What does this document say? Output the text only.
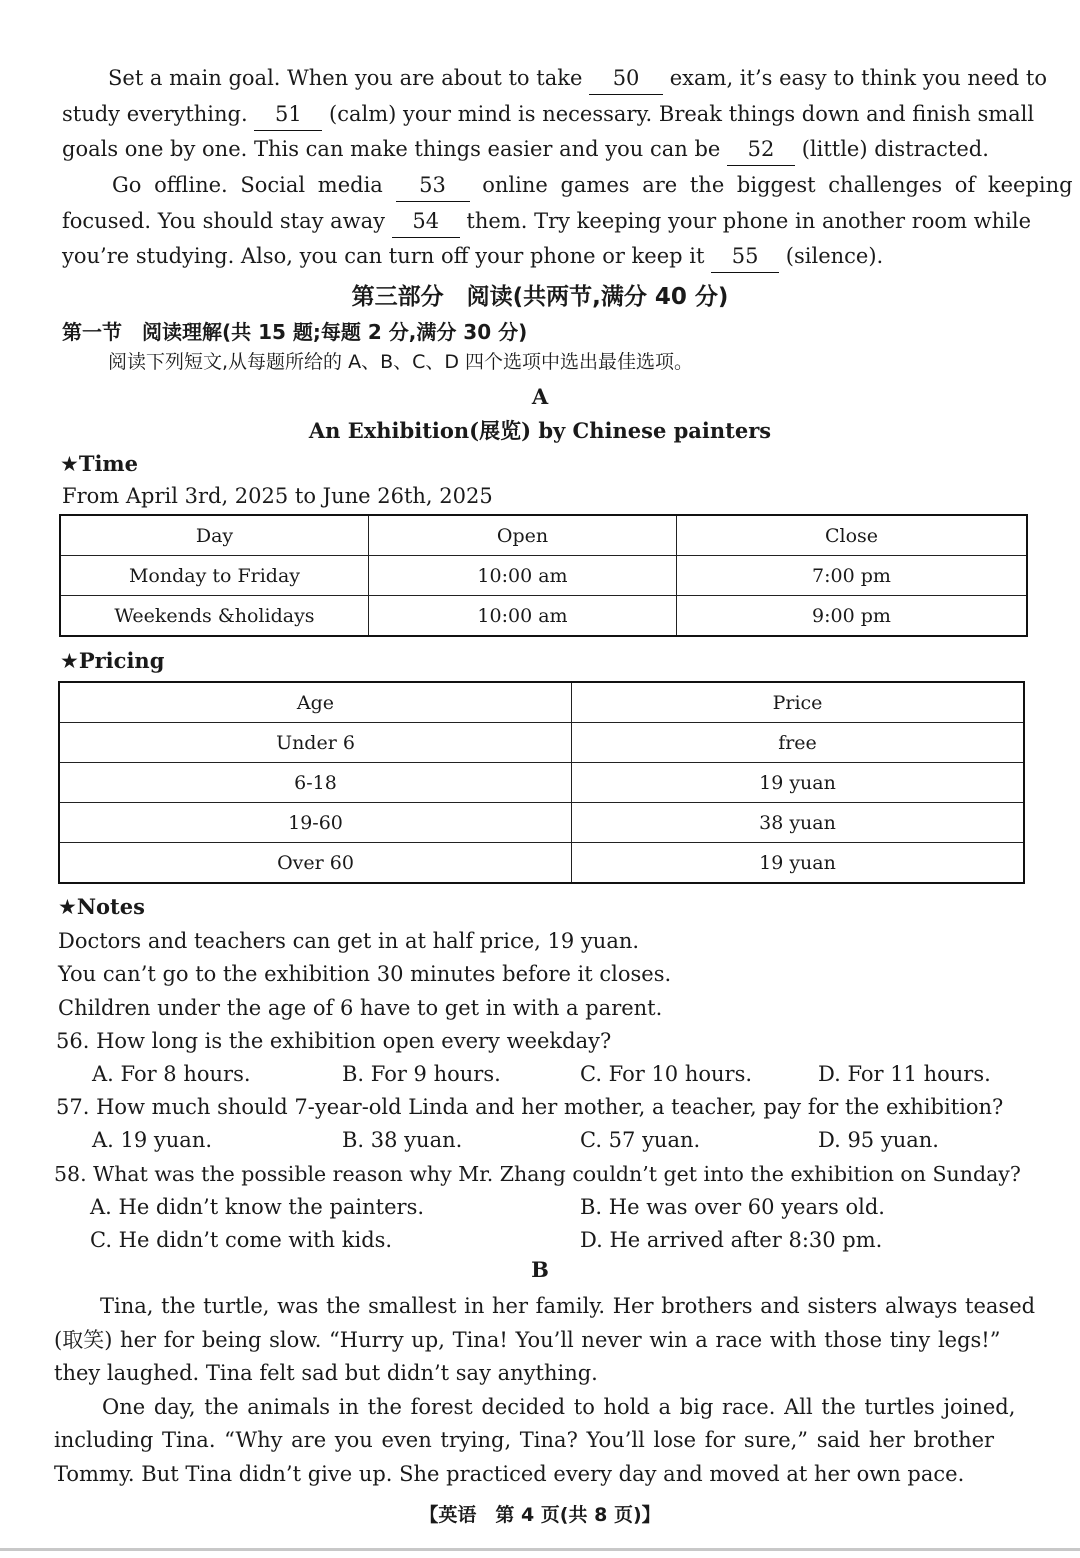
Set a main goal. When you are about to take 50 exam, it’s easy to think you need to
study everything. 51 (calm) your mind is necessary. Break things down and finish small
goals one by one. This can make things easier and you can be 52 (little) distracted.
Go offline. Social media 53 online games are the biggest challenges of keeping
focused. You should stay away 54 them. Try keeping your phone in another room while
you’re studying. Also, you can turn off your phone or keep it 55 (silence).
第三部分　阅读(共两节,满分 40 分)
第一节　阅读理解(共 15 题;每题 2 分,满分 30 分)
阅读下列短文,从每题所给的 A、B、C、D 四个选项中选出最佳选项。
A
An Exhibition(展览) by Chinese painters
★Time
From April 3rd, 2025 to June 26th, 2025
Day	Open	Close
Monday to Friday	10:00 am	7:00 pm
Weekends &holidays	10:00 am	9:00 pm
★Pricing
Age	Price
Under 6	free
6-18	19 yuan
19-60	38 yuan
Over 60	19 yuan
★Notes
Doctors and teachers can get in at half price, 19 yuan.
You can’t go to the exhibition 30 minutes before it closes.
Children under the age of 6 have to get in with a parent.
56. How long is the exhibition open every weekday?
A. For 8 hours.	B. For 9 hours.	C. For 10 hours.	D. For 11 hours.
57. How much should 7-year-old Linda and her mother, a teacher, pay for the exhibition?
A. 19 yuan.	B. 38 yuan.	C. 57 yuan.	D. 95 yuan.
58. What was the possible reason why Mr. Zhang couldn’t get into the exhibition on Sunday?
A. He didn’t know the painters.	B. He was over 60 years old.
C. He didn’t come with kids.	D. He arrived after 8:30 pm.
B
Tina, the turtle, was the smallest in her family. Her brothers and sisters always teased
(取笑) her for being slow. “Hurry up, Tina! You’ll never win a race with those tiny legs!”
they laughed. Tina felt sad but didn’t say anything.
One day, the animals in the forest decided to hold a big race. All the turtles joined,
including Tina. “Why are you even trying, Tina? You’ll lose for sure,” said her brother
Tommy. But Tina didn’t give up. She practiced every day and moved at her own pace.
【英语　第 4 页(共 8 页)】
